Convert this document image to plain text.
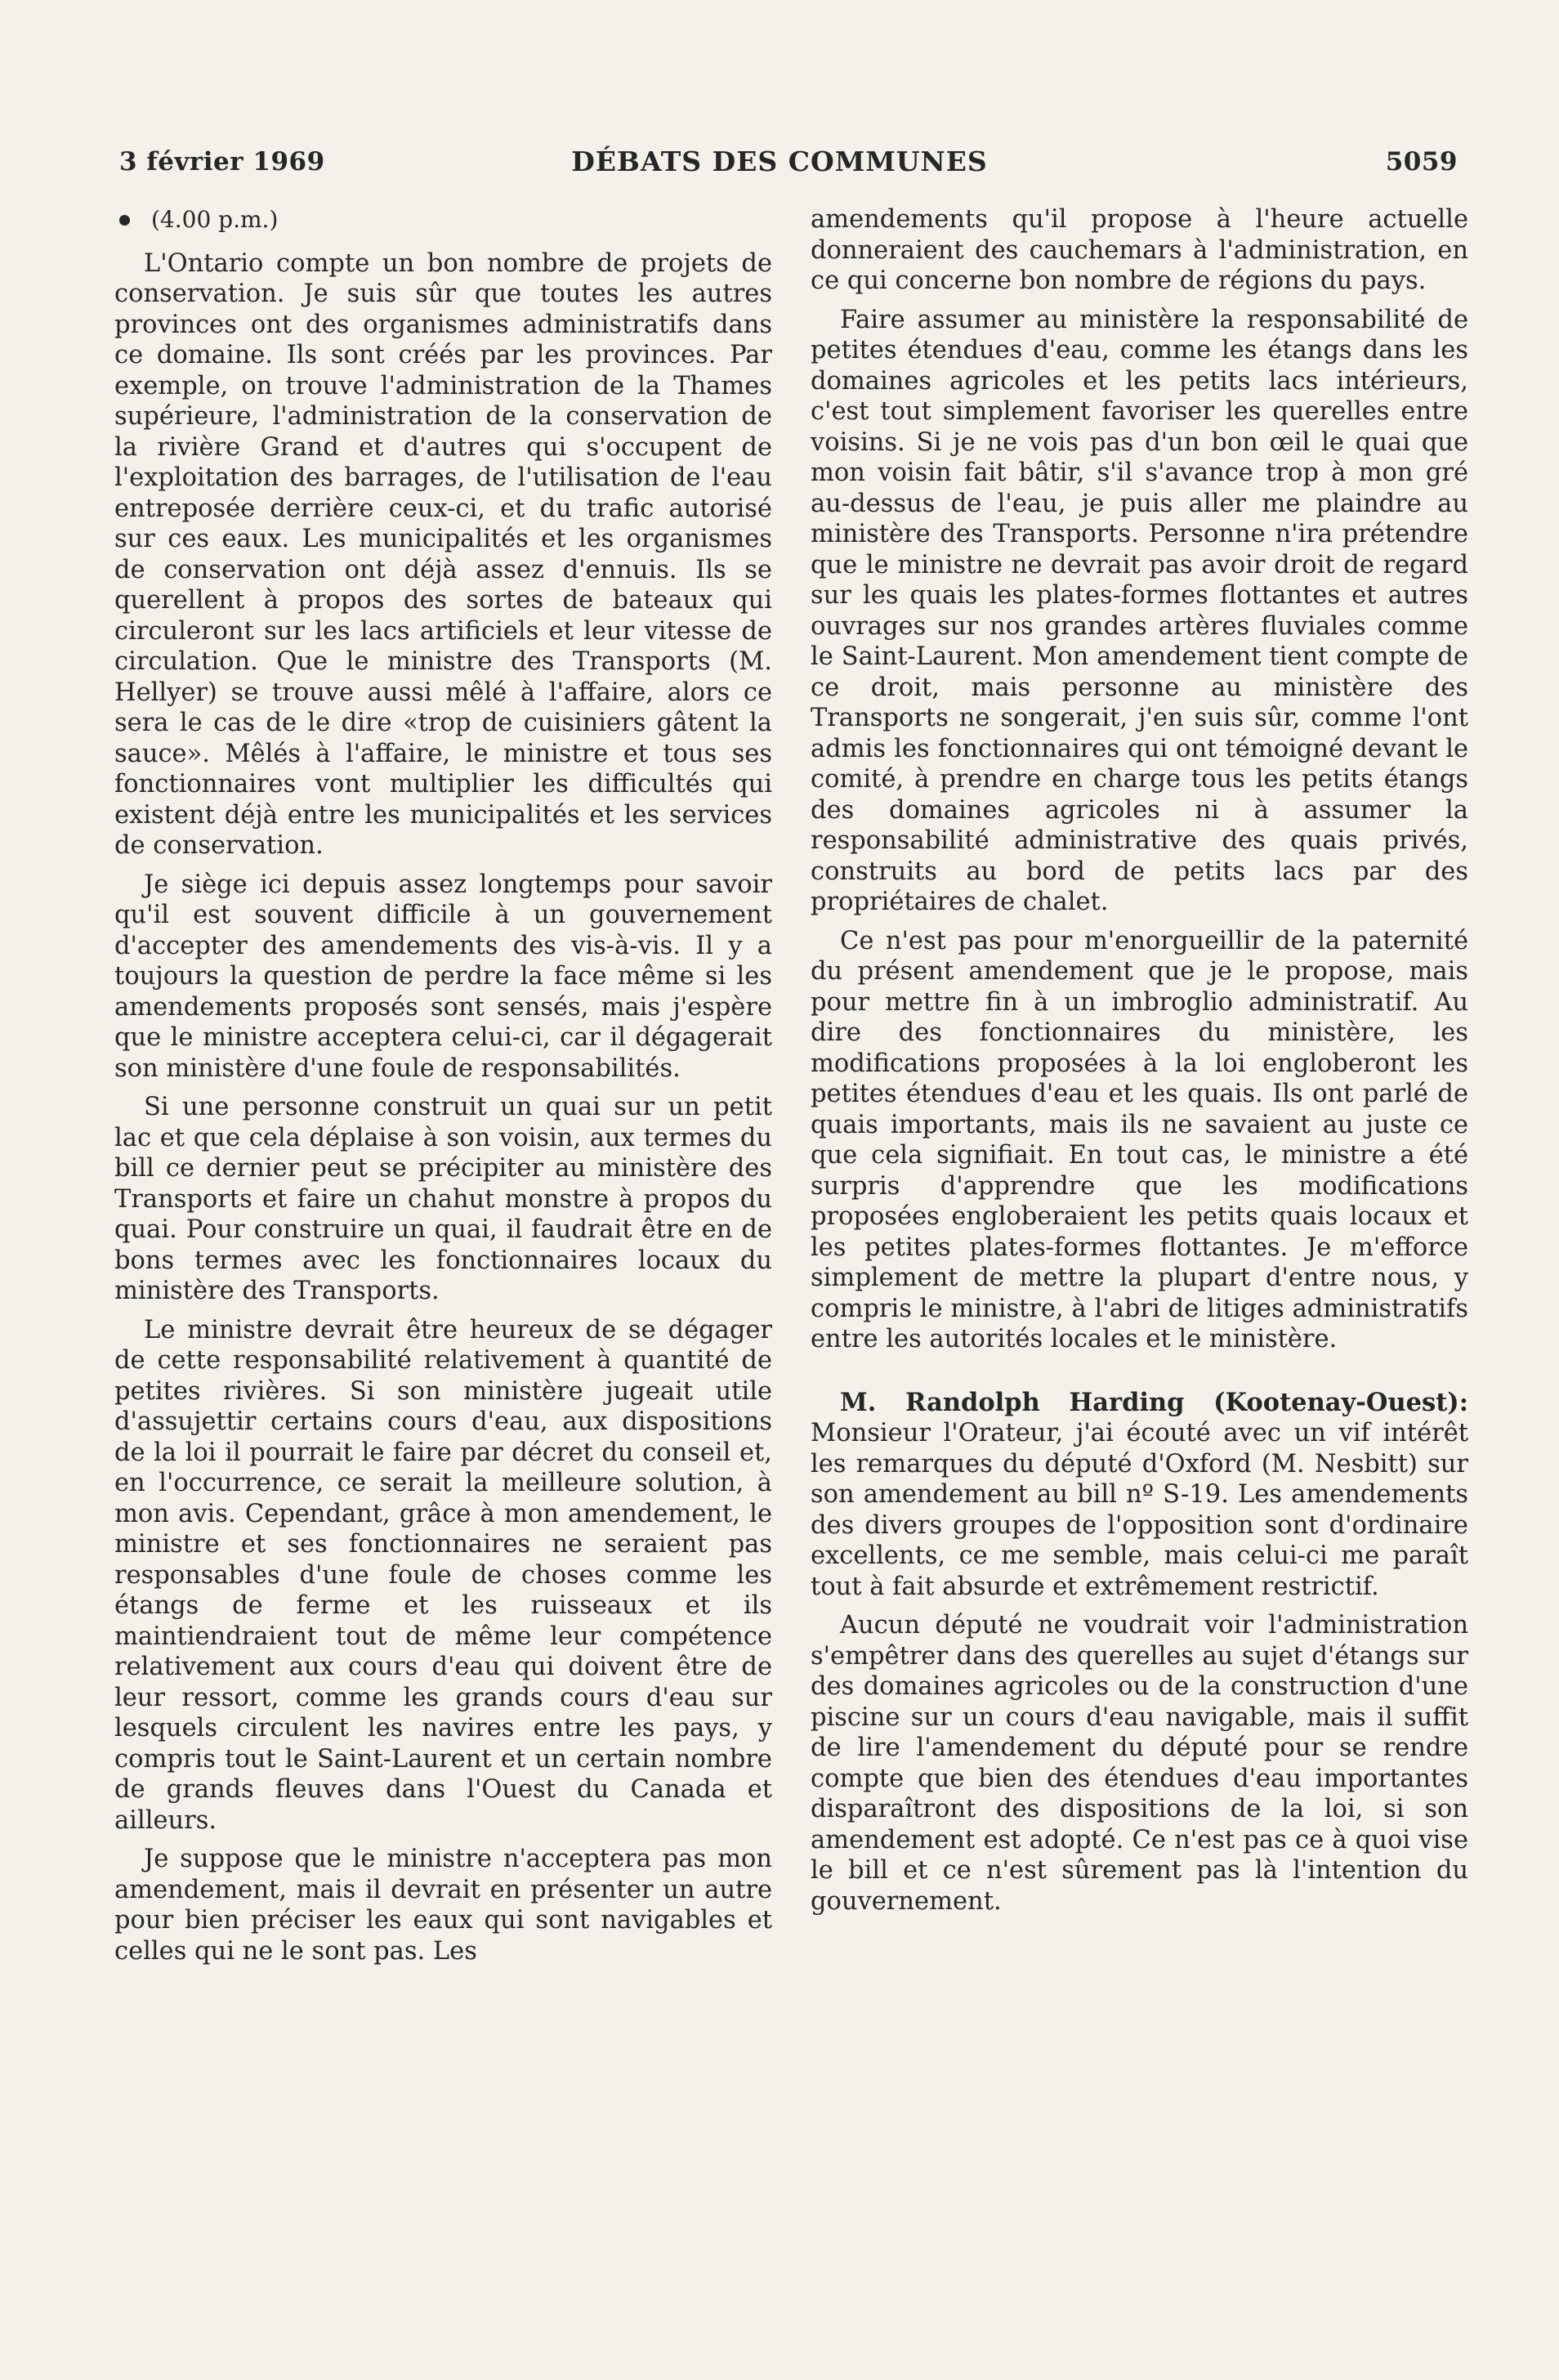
3 février 1969	DÉBATS DES COMMUNES	5059
(4.00 p.m.)

L'Ontario compte un bon nombre de projets de conservation. Je suis sûr que toutes les autres provinces ont des organismes administratifs dans ce domaine. Ils sont créés par les provinces. Par exemple, on trouve l'administration de la Thames supérieure, l'administration de la conservation de la rivière Grand et d'autres qui s'occupent de l'exploitation des barrages, de l'utilisation de l'eau entreposée derrière ceux-ci, et du trafic autorisé sur ces eaux. Les municipalités et les organismes de conservation ont déjà assez d'ennuis. Ils se querellent à propos des sortes de bateaux qui circuleront sur les lacs artificiels et leur vitesse de circulation. Que le ministre des Transports (M. Hellyer) se trouve aussi mêlé à l'affaire, alors ce sera le cas de le dire «trop de cuisiniers gâtent la sauce». Mêlés à l'affaire, le ministre et tous ses fonctionnaires vont multiplier les difficultés qui existent déjà entre les municipalités et les services de conservation.

Je siège ici depuis assez longtemps pour savoir qu'il est souvent difficile à un gouvernement d'accepter des amendements des vis-à-vis. Il y a toujours la question de perdre la face même si les amendements proposés sont sensés, mais j'espère que le ministre acceptera celui-ci, car il dégagerait son ministère d'une foule de responsabilités.

Si une personne construit un quai sur un petit lac et que cela déplaise à son voisin, aux termes du bill ce dernier peut se précipiter au ministère des Transports et faire un chahut monstre à propos du quai. Pour construire un quai, il faudrait être en de bons termes avec les fonctionnaires locaux du ministère des Transports.

Le ministre devrait être heureux de se dégager de cette responsabilité relativement à quantité de petites rivières. Si son ministère jugeait utile d'assujettir certains cours d'eau, aux dispositions de la loi il pourrait le faire par décret du conseil et, en l'occurrence, ce serait la meilleure solution, à mon avis. Cependant, grâce à mon amendement, le ministre et ses fonctionnaires ne seraient pas responsables d'une foule de choses comme les étangs de ferme et les ruisseaux et ils maintiendraient tout de même leur compétence relativement aux cours d'eau qui doivent être de leur ressort, comme les grands cours d'eau sur lesquels circulent les navires entre les pays, y compris tout le Saint-Laurent et un certain nombre de grands fleuves dans l'Ouest du Canada et ailleurs.

Je suppose que le ministre n'acceptera pas mon amendement, mais il devrait en présenter un autre pour bien préciser les eaux qui sont navigables et celles qui ne le sont pas. Les

amendements qu'il propose à l'heure actuelle donneraient des cauchemars à l'administration, en ce qui concerne bon nombre de régions du pays.

Faire assumer au ministère la responsabilité de petites étendues d'eau, comme les étangs dans les domaines agricoles et les petits lacs intérieurs, c'est tout simplement favoriser les querelles entre voisins. Si je ne vois pas d'un bon œil le quai que mon voisin fait bâtir, s'il s'avance trop à mon gré au-dessus de l'eau, je puis aller me plaindre au ministère des Transports. Personne n'ira prétendre que le ministre ne devrait pas avoir droit de regard sur les quais les plates-formes flottantes et autres ouvrages sur nos grandes artères fluviales comme le Saint-Laurent. Mon amendement tient compte de ce droit, mais personne au ministère des Transports ne songerait, j'en suis sûr, comme l'ont admis les fonctionnaires qui ont témoigné devant le comité, à prendre en charge tous les petits étangs des domaines agricoles ni à assumer la responsabilité administrative des quais privés, construits au bord de petits lacs par des propriétaires de chalet.

Ce n'est pas pour m'enorgueillir de la paternité du présent amendement que je le propose, mais pour mettre fin à un imbroglio administratif. Au dire des fonctionnaires du ministère, les modifications proposées à la loi engloberont les petites étendues d'eau et les quais. Ils ont parlé de quais importants, mais ils ne savaient au juste ce que cela signifiait. En tout cas, le ministre a été surpris d'apprendre que les modifications proposées engloberaient les petits quais locaux et les petites plates-formes flottantes. Je m'efforce simplement de mettre la plupart d'entre nous, y compris le ministre, à l'abri de litiges administratifs entre les autorités locales et le ministère.

M. Randolph Harding (Kootenay-Ouest): Monsieur l'Orateur, j'ai écouté avec un vif intérêt les remarques du député d'Oxford (M. Nesbitt) sur son amendement au bill nº S-19. Les amendements des divers groupes de l'opposition sont d'ordinaire excellents, ce me semble, mais celui-ci me paraît tout à fait absurde et extrêmement restrictif.

Aucun député ne voudrait voir l'administration s'empêtrer dans des querelles au sujet d'étangs sur des domaines agricoles ou de la construction d'une piscine sur un cours d'eau navigable, mais il suffit de lire l'amendement du député pour se rendre compte que bien des étendues d'eau importantes disparaîtront des dispositions de la loi, si son amendement est adopté. Ce n'est pas ce à quoi vise le bill et ce n'est sûrement pas là l'intention du gouvernement.
